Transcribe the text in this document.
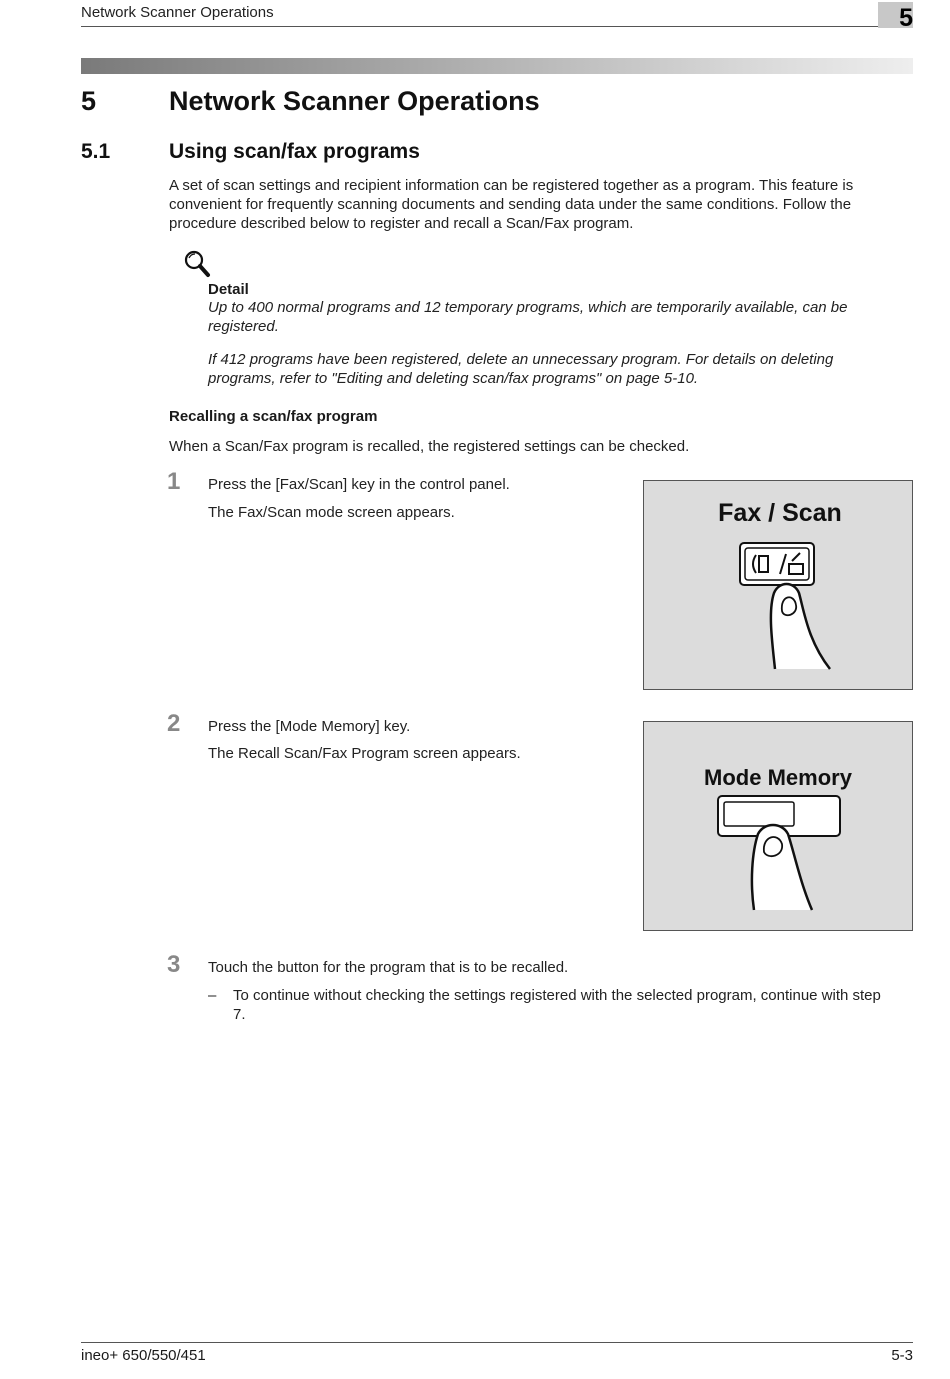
Network Scanner Operations	5
5	Network Scanner Operations
5.1	Using scan/fax programs
A set of scan settings and recipient information can be registered together as a program. This feature is convenient for frequently scanning documents and sending data under the same conditions. Follow the procedure described below to register and recall a Scan/Fax program.
Detail
Up to 400 normal programs and 12 temporary programs, which are temporarily available, can be registered.
If 412 programs have been registered, delete an unnecessary program. For details on deleting programs, refer to "Editing and deleting scan/fax programs" on page 5-10.
Recalling a scan/fax program
When a Scan/Fax program is recalled, the registered settings can be checked.
1 Press the [Fax/Scan] key in the control panel.
The Fax/Scan mode screen appears.	Fax / Scan
2 Press the [Mode Memory] key.
The Recall Scan/Fax Program screen appears.
Mode Memory
3 Touch the button for the program that is to be recalled.
– To continue without checking the settings registered with the selected program, continue with step 7.
ineo+ 650/550/451	5-3
